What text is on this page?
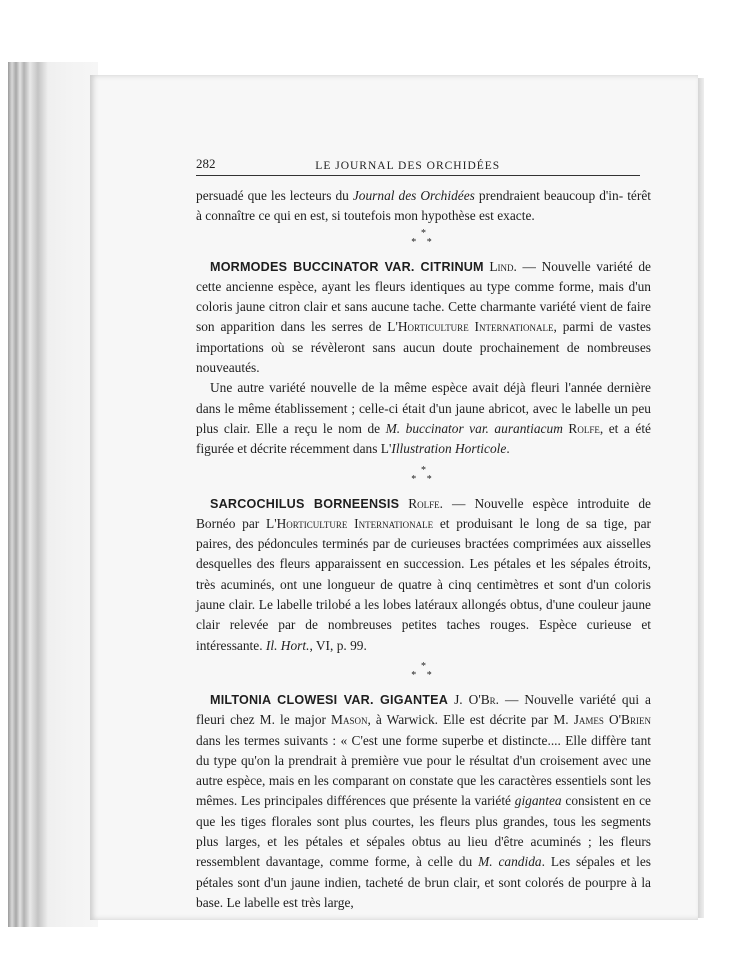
282	LE JOURNAL DES ORCHIDÉES

persuadé que les lecteurs du Journal des Orchidées prendraient beaucoup d'in- térêt à connaître ce qui en est, si toutefois mon hypothèse est exacte.

*
* *

MORMODES BUCCINATOR VAR. CITRINUM Lind. — Nouvelle variété de cette ancienne espèce, ayant les fleurs identiques au type comme forme, mais d'un coloris jaune citron clair et sans aucune tache. Cette charmante variété vient de faire son apparition dans les serres de L'Horticulture Internationale, parmi de vastes importations où se révèleront sans aucun doute prochainement de nombreuses nouveautés.

Une autre variété nouvelle de la même espèce avait déjà fleuri l'année dernière dans le même établissement ; celle-ci était d'un jaune abricot, avec le labelle un peu plus clair. Elle a reçu le nom de M. buccinator var. aurantiacum Rolfe, et a été figurée et décrite récemment dans L'Illustration Horticole.

*
* *

SARCOCHILUS BORNEENSIS Rolfe. — Nouvelle espèce introduite de Bornéo par L'Horticulture Internationale et produisant le long de sa tige, par paires, des pédoncules terminés par de curieuses bractées comprimées aux aisselles desquelles des fleurs apparaissent en succession. Les pétales et les sépales étroits, très acuminés, ont une longueur de quatre à cinq centimètres et sont d'un coloris jaune clair. Le labelle trilobé a les lobes latéraux allongés obtus, d'une couleur jaune clair relevée par de nombreuses petites taches rouges. Espèce curieuse et intéressante. Il. Hort., VI, p. 99.

*
* *

MILTONIA CLOWESI VAR. GIGANTEA J. O'Br. — Nouvelle variété qui a fleuri chez M. le major Mason, à Warwick. Elle est décrite par M. James O'Brien dans les termes suivants : « C'est une forme superbe et distincte.... Elle diffère tant du type qu'on la prendrait à première vue pour le résultat d'un croisement avec une autre espèce, mais en les comparant on constate que les caractères essentiels sont les mêmes. Les principales différences que présente la variété gigantea consistent en ce que les tiges florales sont plus courtes, les fleurs plus grandes, tous les segments plus larges, et les pétales et sépales obtus au lieu d'être acuminés ; les fleurs ressemblent davantage, comme forme, à celle du M. candida. Les sépales et les pétales sont d'un jaune indien, tacheté de brun clair, et sont colorés de pourpre à la base. Le labelle est très large,
